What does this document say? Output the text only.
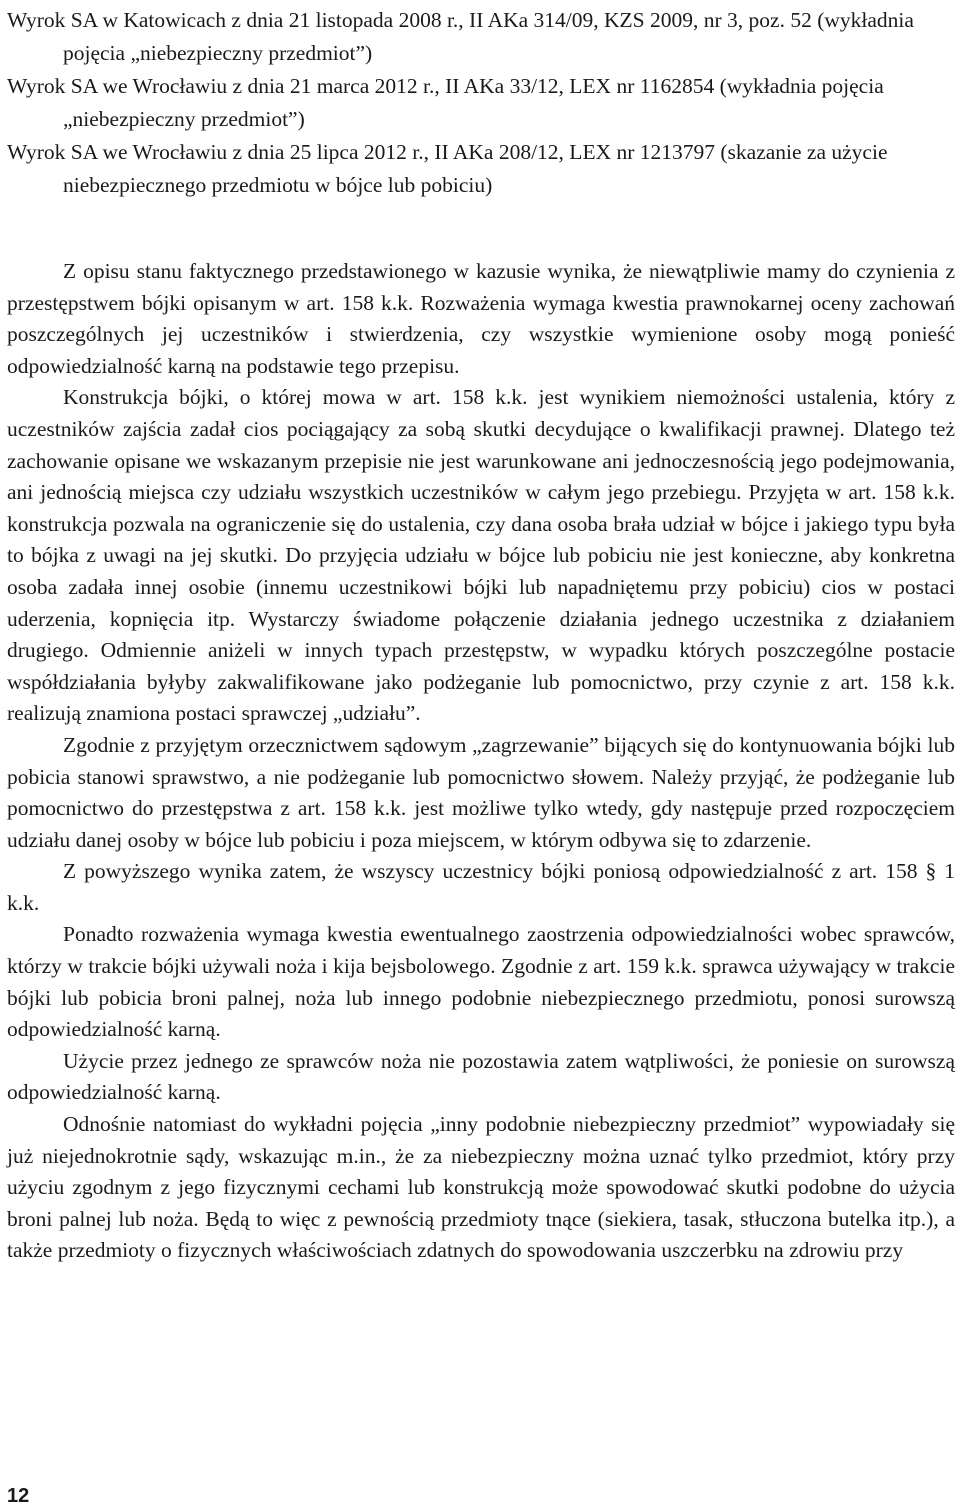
Wyrok SA w Katowicach z dnia 21 listopada 2008 r., II AKa 314/09, KZS 2009, nr 3, poz. 52 (wykładnia pojęcia „niebezpieczny przedmiot”)

Wyrok SA we Wrocławiu z dnia 21 marca 2012 r., II AKa 33/12, LEX nr 1162854 (wykładnia pojęcia „niebezpieczny przedmiot”)

Wyrok SA we Wrocławiu z dnia 25 lipca 2012 r., II AKa 208/12, LEX nr 1213797 (skazanie za użycie niebezpiecznego przedmiotu w bójce lub pobiciu)

Z opisu stanu faktycznego przedstawionego w kazusie wynika, że niewątpliwie mamy do czynienia z przestępstwem bójki opisanym w art. 158 k.k. Rozważenia wymaga kwestia prawnokarnej oceny zachowań poszczególnych jej uczestników i stwierdzenia, czy wszystkie wymienione osoby mogą ponieść odpowiedzialność karną na podstawie tego przepisu.

Konstrukcja bójki, o której mowa w art. 158 k.k. jest wynikiem niemożności ustalenia, który z uczestników zajścia zadał cios pociągający za sobą skutki decydujące o kwalifikacji prawnej. Dlatego też zachowanie opisane we wskazanym przepisie nie jest warunkowane ani jednoczesnością jego podejmowania, ani jednością miejsca czy udziału wszystkich uczestników w całym jego przebiegu. Przyjęta w art. 158 k.k. konstrukcja pozwala na ograniczenie się do ustalenia, czy dana osoba brała udział w bójce i jakiego typu była to bójka z uwagi na jej skutki. Do przyjęcia udziału w bójce lub pobiciu nie jest konieczne, aby konkretna osoba zadała innej osobie (innemu uczestnikowi bójki lub napadniętemu przy pobiciu) cios w postaci uderzenia, kopnięcia itp. Wystarczy świadome połączenie działania jednego uczestnika z działaniem drugiego. Odmiennie aniżeli w innych typach przestępstw, w wypadku których poszczególne postacie współdziałania byłyby zakwalifikowane jako podżeganie lub pomocnictwo, przy czynie z art. 158 k.k. realizują znamiona postaci sprawczej „udziału”.

Zgodnie z przyjętym orzecznictwem sądowym „zagrzewanie” bijących się do kontynuowania bójki lub pobicia stanowi sprawstwo, a nie podżeganie lub pomocnictwo słowem. Należy przyjąć, że podżeganie lub pomocnictwo do przestępstwa z art. 158 k.k. jest możliwe tylko wtedy, gdy następuje przed rozpoczęciem udziału danej osoby w bójce lub pobiciu i poza miejscem, w którym odbywa się to zdarzenie.

Z powyższego wynika zatem, że wszyscy uczestnicy bójki poniosą odpowiedzialność z art. 158 § 1 k.k.

Ponadto rozważenia wymaga kwestia ewentualnego zaostrzenia odpowiedzialności wobec sprawców, którzy w trakcie bójki używali noża i kija bejsbolowego. Zgodnie z art. 159 k.k. sprawca używający w trakcie bójki lub pobicia broni palnej, noża lub innego podobnie niebezpiecznego przedmiotu, ponosi surowszą odpowiedzialność karną.

Użycie przez jednego ze sprawców noża nie pozostawia zatem wątpliwości, że poniesie on surowszą odpowiedzialność karną.

Odnośnie natomiast do wykładni pojęcia „inny podobnie niebezpieczny przedmiot” wypowiadały się już niejednokrotnie sądy, wskazując m.in., że za niebezpieczny można uznać tylko przedmiot, który przy użyciu zgodnym z jego fizycznymi cechami lub konstrukcją może spowodować skutki podobne do użycia broni palnej lub noża. Będą to więc z pewnością przedmioty tnące (siekiera, tasak, stłuczona butelka itp.), a także przedmioty o fizycznych właściwościach zdatnych do spowodowania uszczerbku na zdrowiu przy

12
